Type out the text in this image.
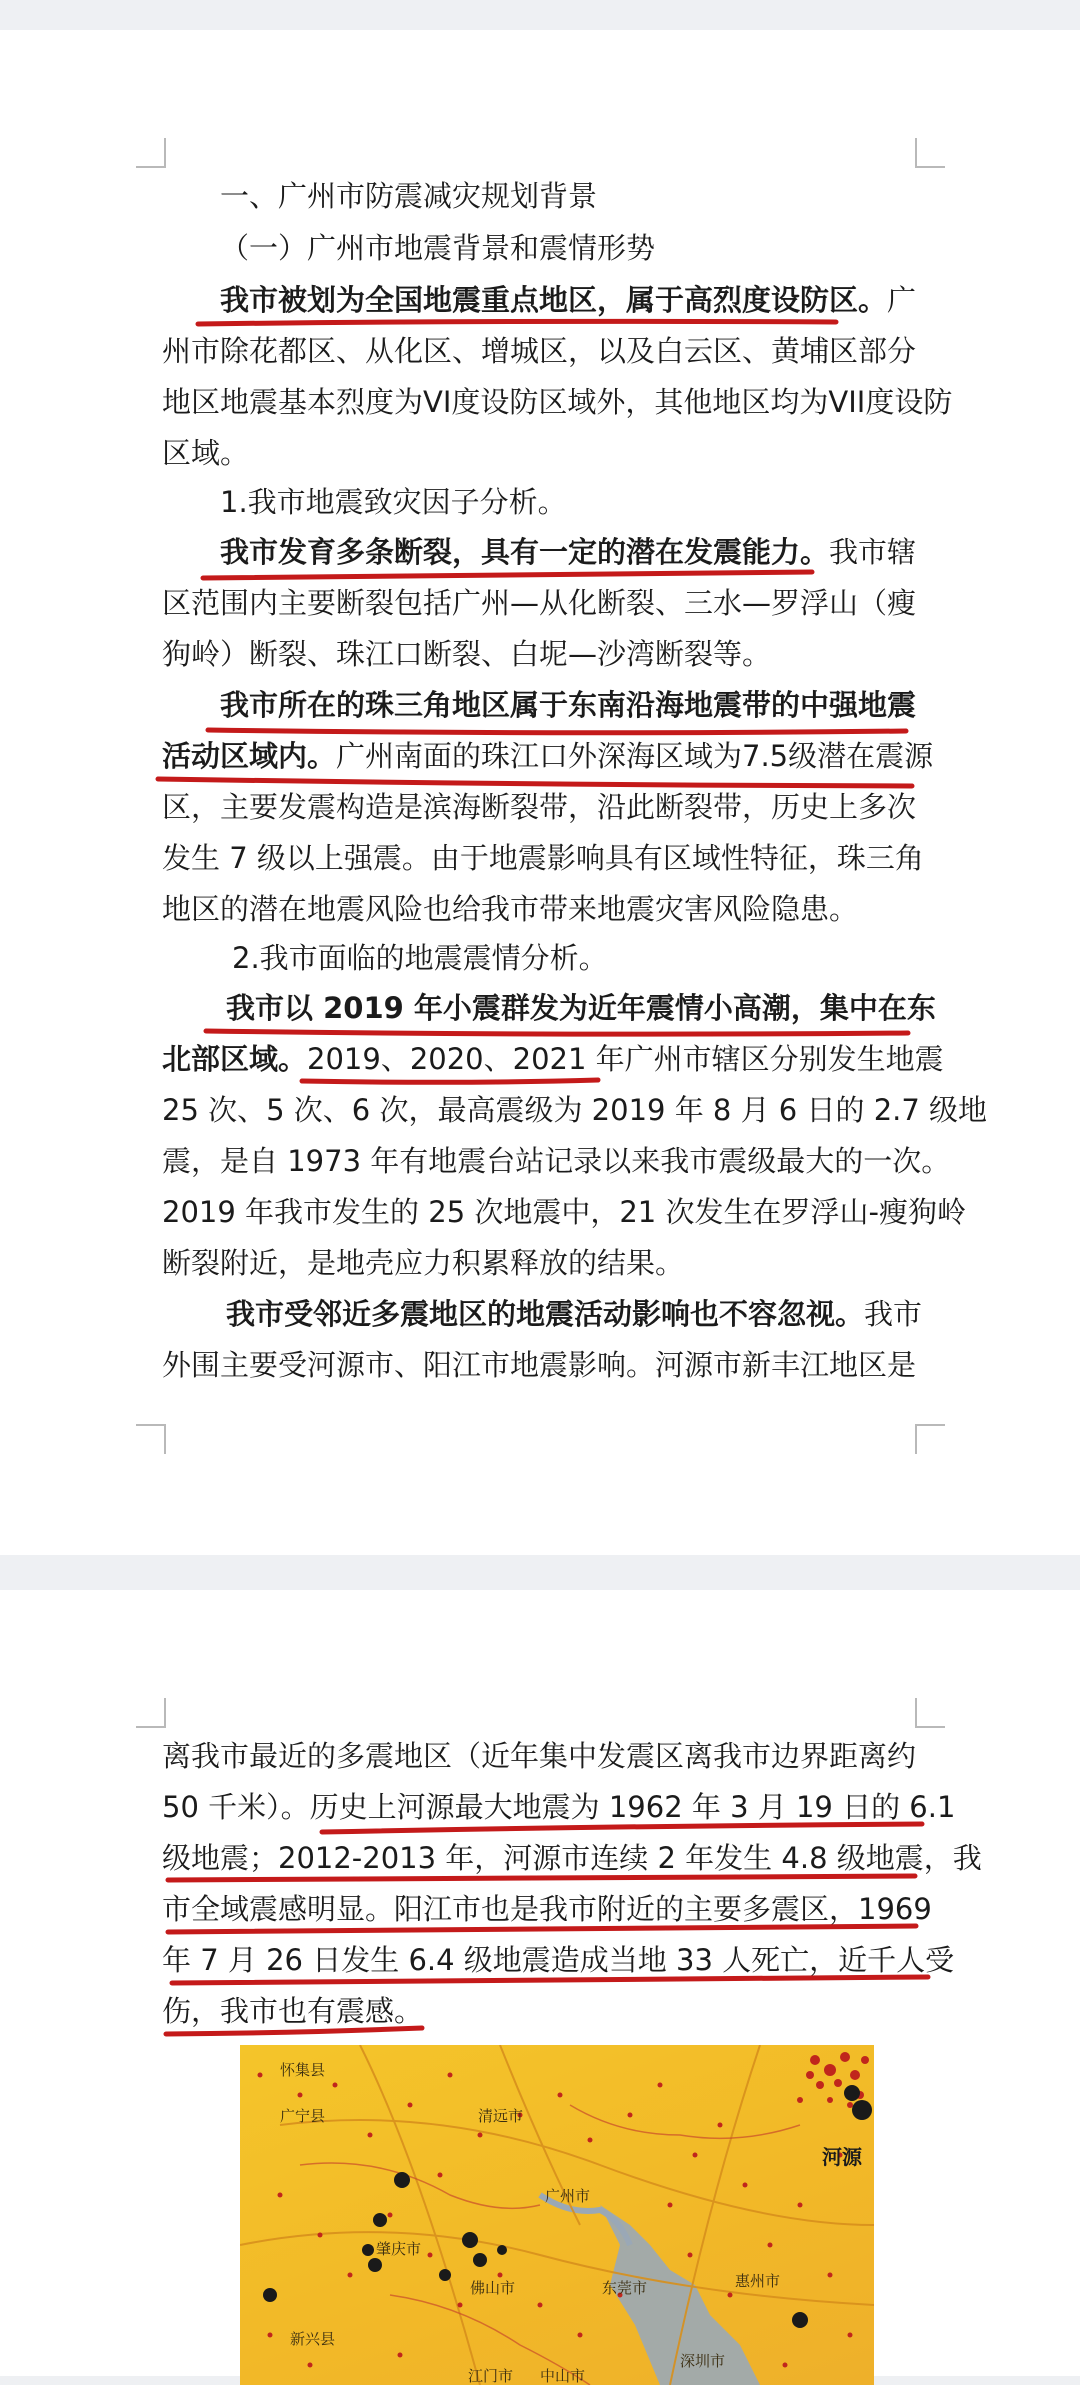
一、广州市防震减灾规划背景
（一）广州市地震背景和震情形势
我市被划为全国地震重点地区，属于高烈度设防区。广
州市除花都区、从化区、增城区，以及白云区、黄埔区部分
地区地震基本烈度为VI度设防区域外，其他地区均为VII度设防
区域。
1.我市地震致灾因子分析。
我市发育多条断裂，具有一定的潜在发震能力。我市辖
区范围内主要断裂包括广州—从化断裂、三水—罗浮山（瘦
狗岭）断裂、珠江口断裂、白坭—沙湾断裂等。
我市所在的珠三角地区属于东南沿海地震带的中强地震
活动区域内。广州南面的珠江口外深海区域为7.5级潜在震源
区，主要发震构造是滨海断裂带，沿此断裂带，历史上多次
发生 7 级以上强震。由于地震影响具有区域性特征，珠三角
地区的潜在地震风险也给我市带来地震灾害风险隐患。
2.我市面临的地震震情分析。
我市以 2019 年小震群发为近年震情小高潮，集中在东
北部区域。2019、2020、2021 年广州市辖区分别发生地震
25 次、5 次、6 次，最高震级为 2019 年 8 月 6 日的 2.7 级地
震，是自 1973 年有地震台站记录以来我市震级最大的一次。
2019 年我市发生的 25 次地震中，21 次发生在罗浮山-瘦狗岭
断裂附近，是地壳应力积累释放的结果。
我市受邻近多震地区的地震活动影响也不容忽视。我市
外围主要受河源市、阳江市地震影响。河源市新丰江地区是
离我市最近的多震地区（近年集中发震区离我市边界距离约
50 千米）。历史上河源最大地震为 1962 年 3 月 19 日的 6.1
级地震；2012-2013 年，河源市连续 2 年发生 4.8 级地震，我
市全域震感明显。阳江市也是我市附近的主要多震区，1969
年 7 月 26 日发生 6.4 级地震造成当地 33 人死亡，近千人受
伤，我市也有震感。
怀集县
广宁县	清远市
广州市
河源
肇庆市
佛山市	东莞市	惠州市
新兴县
深圳市
江门市 中山市
